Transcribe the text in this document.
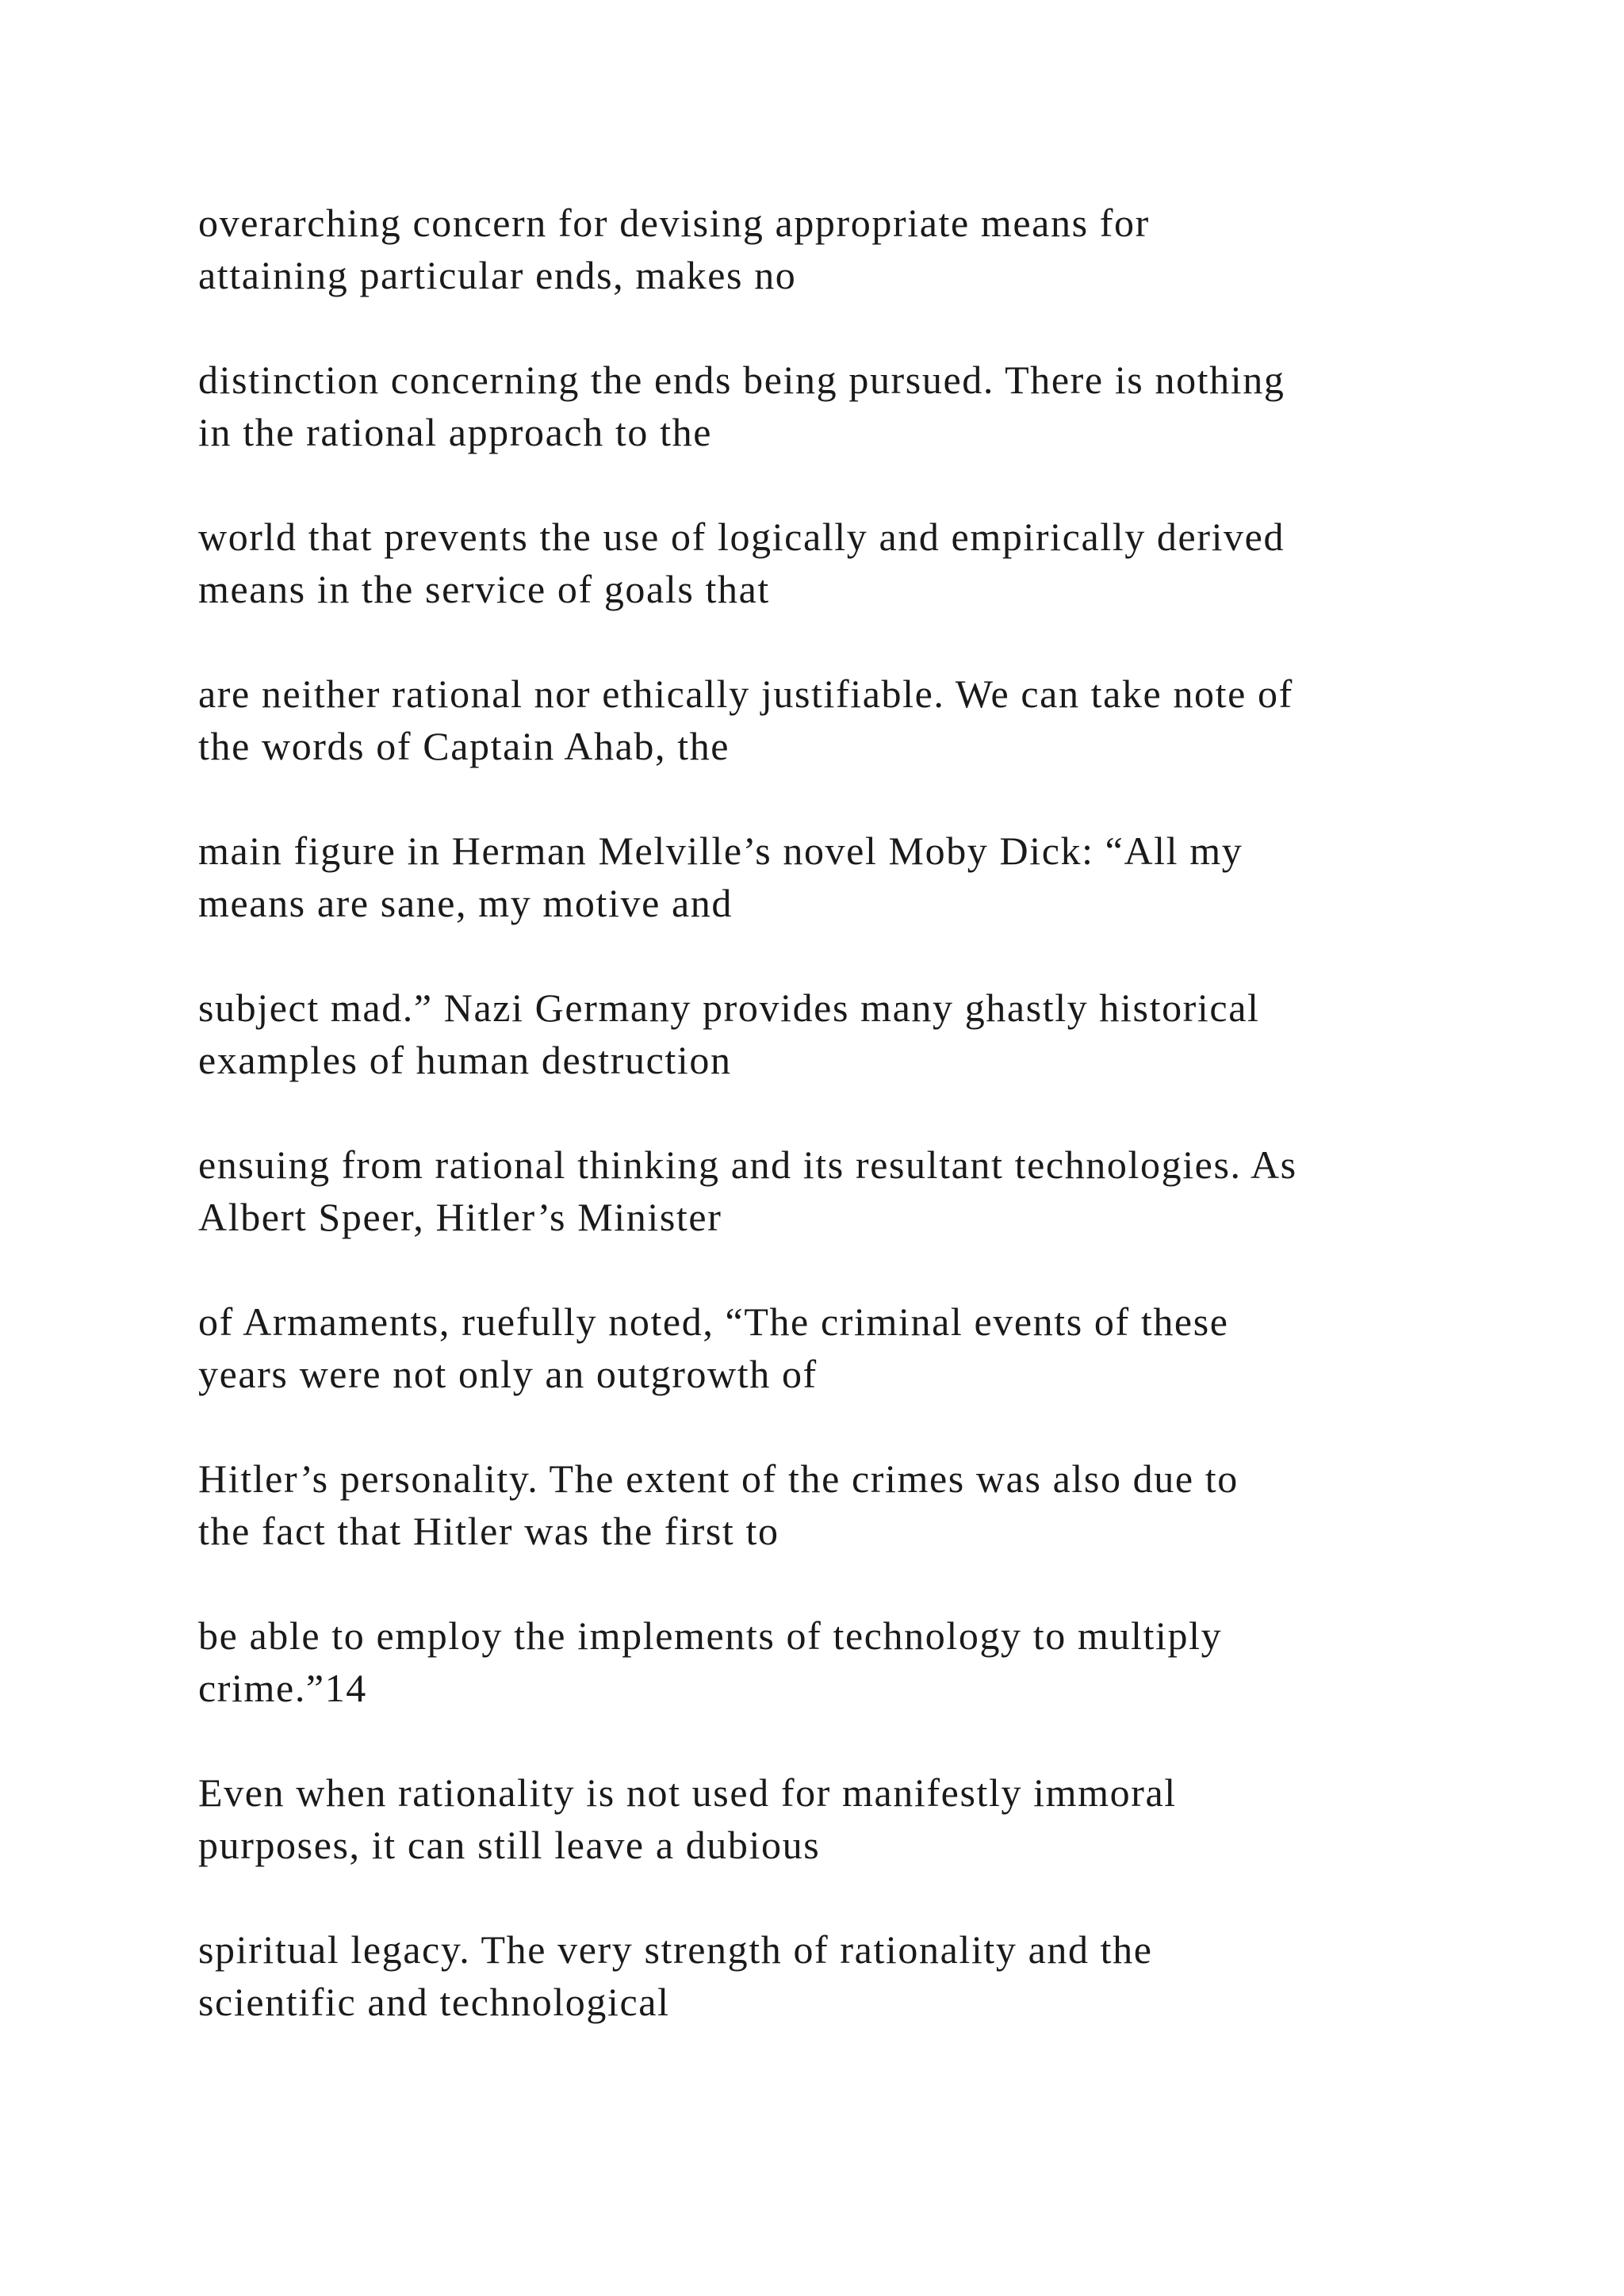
overarching concern for devising appropriate means for
attaining particular ends, makes no

distinction concerning the ends being pursued. There is nothing
in the rational approach to the

world that prevents the use of logically and empirically derived
means in the service of goals that

are neither rational nor ethically justifiable. We can take note of
the words of Captain Ahab, the

main figure in Herman Melville’s novel Moby Dick: “All my
means are sane, my motive and

subject mad.” Nazi Germany provides many ghastly historical
examples of human destruction

ensuing from rational thinking and its resultant technologies. As
Albert Speer, Hitler’s Minister

of Armaments, ruefully noted, “The criminal events of these
years were not only an outgrowth of

Hitler’s personality. The extent of the crimes was also due to
the fact that Hitler was the first to

be able to employ the implements of technology to multiply
crime.”14

Even when rationality is not used for manifestly immoral
purposes, it can still leave a dubious

spiritual legacy. The very strength of rationality and the
scientific and technological
